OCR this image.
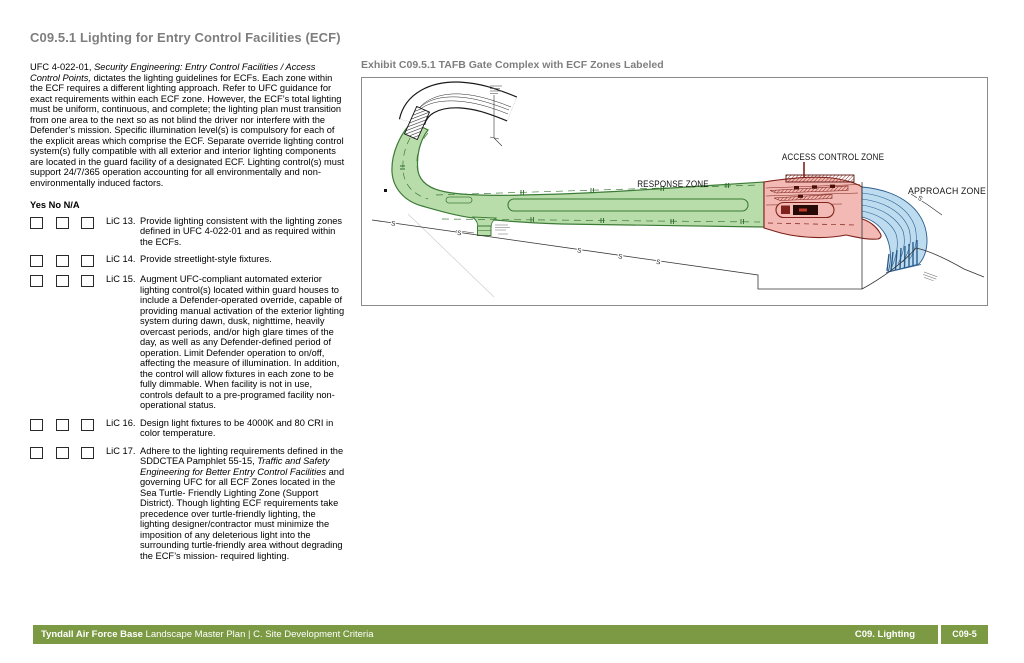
C09.5.1 Lighting for Entry Control Facilities (ECF)

UFC 4-022-01, Security Engineering: Entry Control Facilities / Access Control Points, dictates the lighting guidelines for ECFs. Each zone within the ECF requires a different lighting approach. Refer to UFC guidance for exact requirements within each ECF zone. However, the ECF’s total lighting must be uniform, continuous, and complete; the lighting plan must transition from one area to the next so as not blind the driver nor interfere with the Defender’s mission. Specific illumination level(s) is compulsory for each of the explicit areas which comprise the ECF. Separate override lighting control system(s) fully compatible with all exterior and interior lighting components are located in the guard facility of a designated ECF. Lighting control(s) must support 24/7/365 operation accounting for all environmentally and non-environmentally induced factors.

Yes No N/A
LiC 13. Provide lighting consistent with the lighting zones defined in UFC 4-022-01 and as required within the ECFs.
LiC 14. Provide streetlight-style fixtures.
LiC 15. Augment UFC-compliant automated exterior lighting control(s) located within guard houses to include a Defender-operated override, capable of providing manual activation of the exterior lighting system during dawn, dusk, nighttime, heavily overcast periods, and/or high glare times of the day, as well as any Defender-defined period of operation. Limit Defender operation to on/off, affecting the measure of illumination. In addition, the control will allow fixtures in each zone to be fully dimmable. When facility is not in use, controls default to a pre-programed facility non-operational status.
LiC 16. Design light fixtures to be 4000K and 80 CRI in color temperature.
LiC 17. Adhere to the lighting requirements defined in the SDDCTEA Pamphlet 55-15, Traffic and Safety Engineering for Better Entry Control Facilities and governing UFC for all ECF Zones located in the Sea Turtle- Friendly Lighting Zone (Support District). Though lighting ECF requirements take precedence over turtle-friendly lighting, the lighting designer/contractor must minimize the imposition of any deleterious light into the surrounding turtle-friendly area without degrading the ECF’s mission- required lighting.
Exhibit C09.5.1 TAFB Gate Complex with ECF Zones Labeled
S
S
S
S
S
S
RESPONSE ZONE
ACCESS CONTROL ZONE
APPROACH ZONE
Tyndall Air Force Base Landscape Master Plan | C. Site Development Criteria	C09. Lighting	C09-5
